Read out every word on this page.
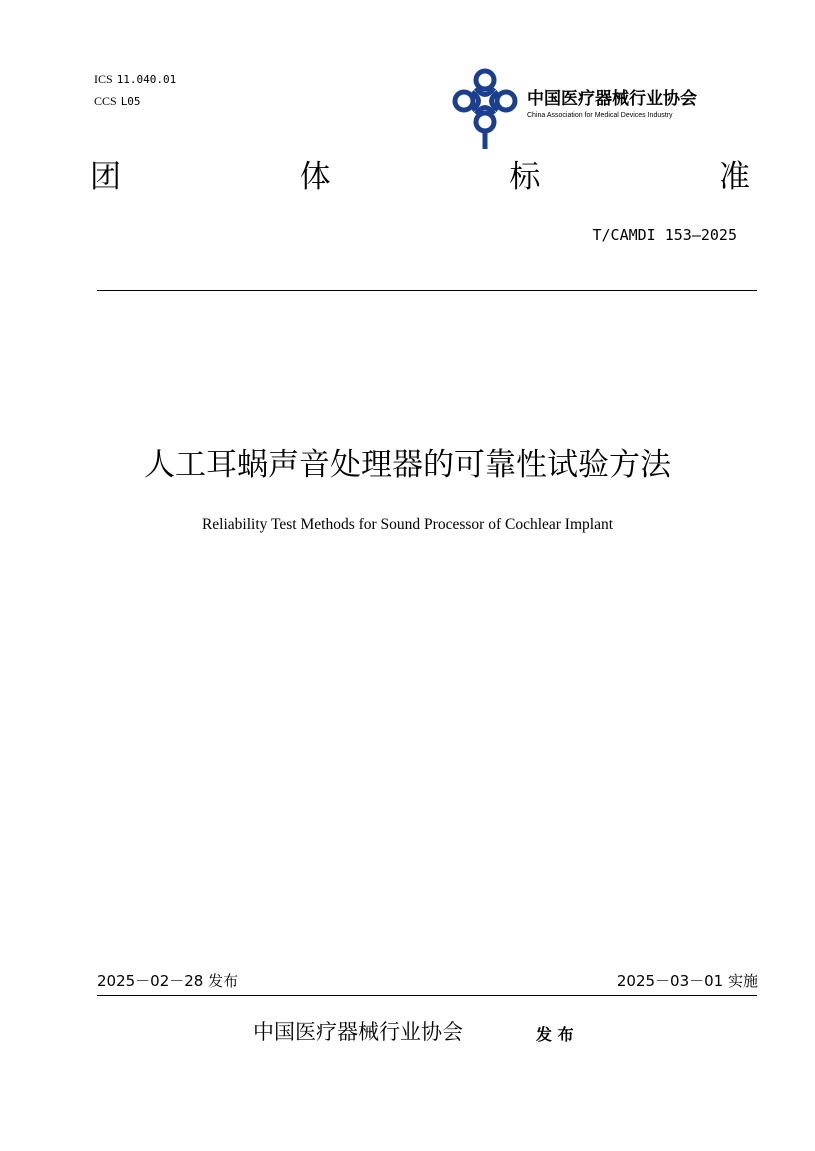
ICS 11.040.01
CCS L05	中国医疗器械行业协会
China Association for Medical Devices Industry
团	体	标	准
T/CAMDI 153—2025
人工耳蜗声音处理器的可靠性试验方法
Reliability Test Methods for Sound Processor of Cochlear Implant
2025－02－28 发布	2025－03－01 实施
中国医疗器械行业协会	发 布
